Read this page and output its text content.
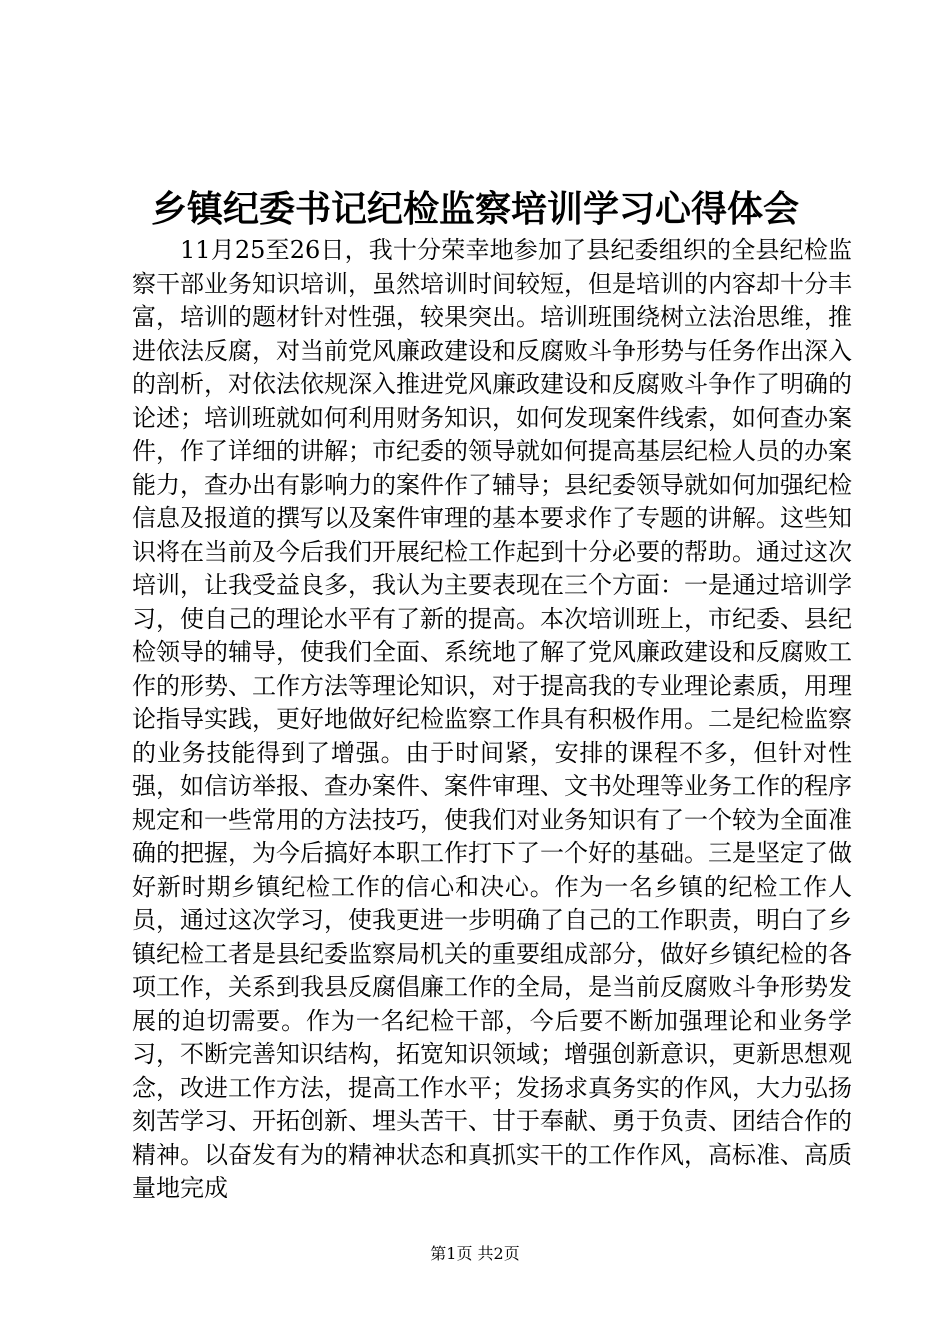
乡镇纪委书记纪检监察培训学习心得体会

11月25至26日，我十分荣幸地参加了县纪委组织的全县纪检监察干部业务知识培训，虽然培训时间较短，但是培训的内容却十分丰富，培训的题材针对性强，较果突出。培训班围绕树立法治思维，推进依法反腐，对当前党风廉政建设和反腐败斗争形势与任务作出深入的剖析，对依法依规深入推进党风廉政建设和反腐败斗争作了明确的论述；培训班就如何利用财务知识，如何发现案件线索，如何查办案件，作了详细的讲解；市纪委的领导就如何提高基层纪检人员的办案能力，查办出有影响力的案件作了辅导；县纪委领导就如何加强纪检信息及报道的撰写以及案件审理的基本要求作了专题的讲解。这些知识将在当前及今后我们开展纪检工作起到十分必要的帮助。通过这次培训，让我受益良多，我认为主要表现在三个方面：一是通过培训学习，使自己的理论水平有了新的提高。本次培训班上，市纪委、县纪检领导的辅导，使我们全面、系统地了解了党风廉政建设和反腐败工作的形势、工作方法等理论知识，对于提高我的专业理论素质，用理论指导实践，更好地做好纪检监察工作具有积极作用。二是纪检监察的业务技能得到了增强。由于时间紧，安排的课程不多，但针对性强，如信访举报、查办案件、案件审理、文书处理等业务工作的程序规定和一些常用的方法技巧，使我们对业务知识有了一个较为全面准确的把握，为今后搞好本职工作打下了一个好的基础。三是坚定了做好新时期乡镇纪检工作的信心和决心。作为一名乡镇的纪检工作人员，通过这次学习，使我更进一步明确了自己的工作职责，明白了乡镇纪检工者是县纪委监察局机关的重要组成部分，做好乡镇纪检的各项工作，关系到我县反腐倡廉工作的全局，是当前反腐败斗争形势发展的迫切需要。作为一名纪检干部，今后要不断加强理论和业务学习，不断完善知识结构，拓宽知识领域；增强创新意识，更新思想观念，改进工作方法，提高工作水平；发扬求真务实的作风，大力弘扬刻苦学习、开拓创新、埋头苦干、甘于奉献、勇于负责、团结合作的精神。以奋发有为的精神状态和真抓实干的工作作风，高标准、高质量地完成

第1页 共2页
